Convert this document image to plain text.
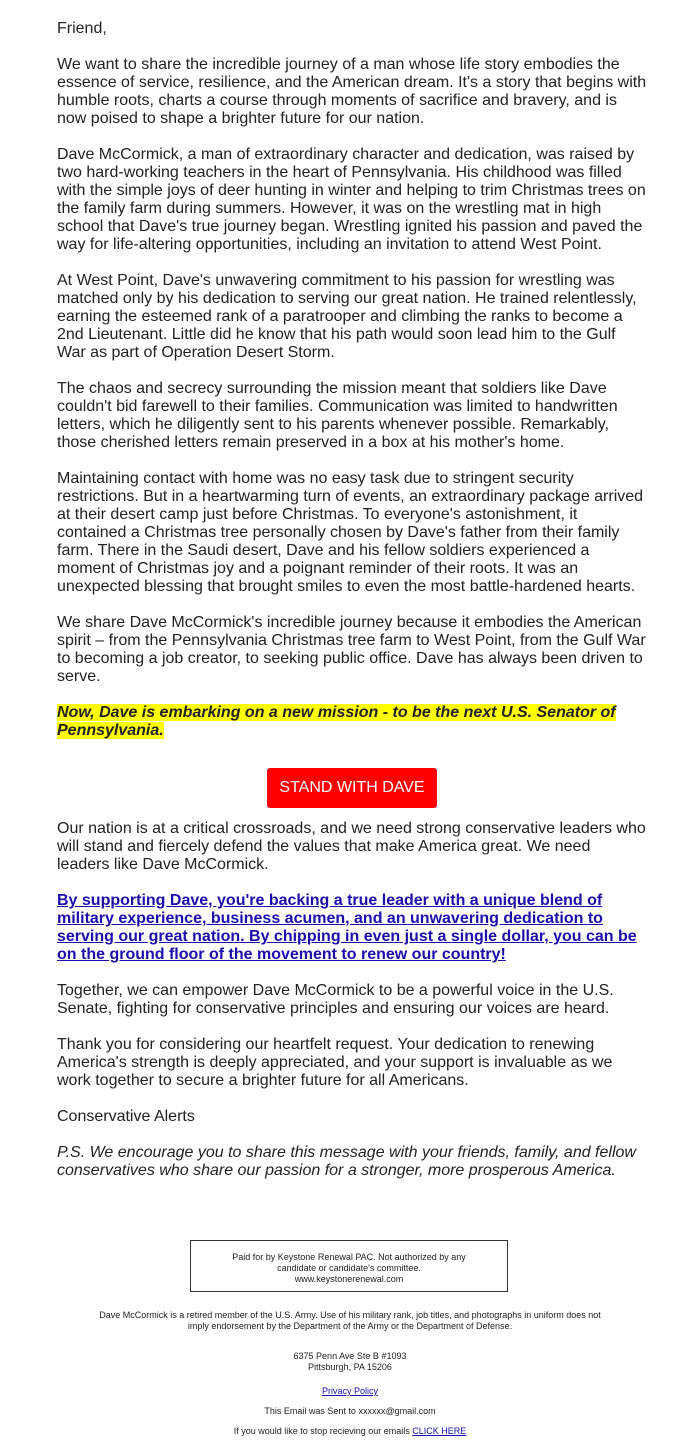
Friend,

We want to share the incredible journey of a man whose life story embodies the essence of service, resilience, and the American dream. It's a story that begins with humble roots, charts a course through moments of sacrifice and bravery, and is now poised to shape a brighter future for our nation.

Dave McCormick, a man of extraordinary character and dedication, was raised by two hard-working teachers in the heart of Pennsylvania. His childhood was filled with the simple joys of deer hunting in winter and helping to trim Christmas trees on the family farm during summers. However, it was on the wrestling mat in high school that Dave's true journey began. Wrestling ignited his passion and paved the way for life-altering opportunities, including an invitation to attend West Point.

At West Point, Dave's unwavering commitment to his passion for wrestling was matched only by his dedication to serving our great nation. He trained relentlessly, earning the esteemed rank of a paratrooper and climbing the ranks to become a 2nd Lieutenant. Little did he know that his path would soon lead him to the Gulf War as part of Operation Desert Storm.

The chaos and secrecy surrounding the mission meant that soldiers like Dave couldn't bid farewell to their families. Communication was limited to handwritten letters, which he diligently sent to his parents whenever possible. Remarkably, those cherished letters remain preserved in a box at his mother's home.

Maintaining contact with home was no easy task due to stringent security restrictions. But in a heartwarming turn of events, an extraordinary package arrived at their desert camp just before Christmas. To everyone's astonishment, it contained a Christmas tree personally chosen by Dave's father from their family farm. There in the Saudi desert, Dave and his fellow soldiers experienced a moment of Christmas joy and a poignant reminder of their roots. It was an unexpected blessing that brought smiles to even the most battle-hardened hearts.

We share Dave McCormick's incredible journey because it embodies the American spirit – from the Pennsylvania Christmas tree farm to West Point, from the Gulf War to becoming a job creator, to seeking public office. Dave has always been driven to serve.

Now, Dave is embarking on a new mission - to be the next U.S. Senator of Pennsylvania.

STAND WITH DAVE

Our nation is at a critical crossroads, and we need strong conservative leaders who will stand and fiercely defend the values that make America great. We need leaders like Dave McCormick.

By supporting Dave, you're backing a true leader with a unique blend of military experience, business acumen, and an unwavering dedication to serving our great nation. By chipping in even just a single dollar, you can be on the ground floor of the movement to renew our country!

Together, we can empower Dave McCormick to be a powerful voice in the U.S. Senate, fighting for conservative principles and ensuring our voices are heard.

Thank you for considering our heartfelt request. Your dedication to renewing America's strength is deeply appreciated, and your support is invaluable as we work together to secure a brighter future for all Americans.

Conservative Alerts

P.S. We encourage you to share this message with your friends, family, and fellow conservatives who share our passion for a stronger, more prosperous America.

Paid for by Keystone Renewal PAC. Not authorized by any
candidate or candidate's committee.
www.keystonerenewal.com
Dave McCormick is a retired member of the U.S. Army. Use of his military rank, job titles, and photographs in uniform does not
imply endorsement by the Department of the Army or the Department of Defense.
6375 Penn Ave Ste B #1093
Pittsburgh, PA 15206
Privacy Policy
This Email was Sent to xxxxxx@gmail.com
If you would like to stop recieving our emails CLICK HERE
